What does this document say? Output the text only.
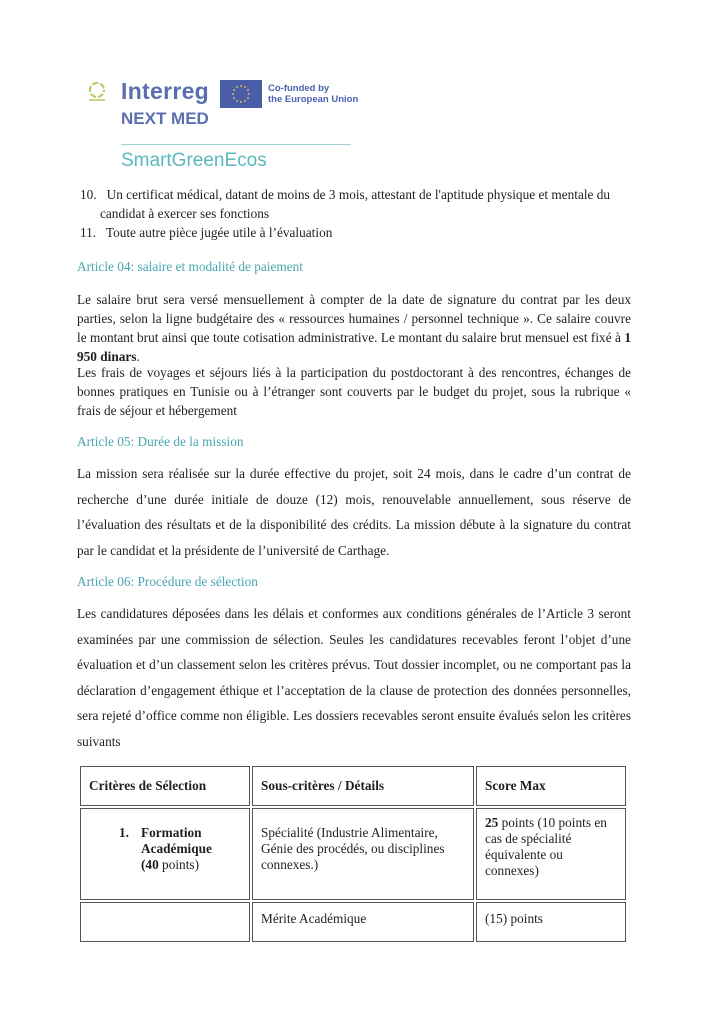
Interreg	Co-funded by
the European Union
NEXT MED
SmartGreenEcos
10. Un certificat médical, datant de moins de 3 mois, attestant de l'aptitude physique et mentale du
candidat à exercer ses fonctions
11. Toute autre pièce jugée utile à l’évaluation
Article 04: salaire et modalité de paiement
Le salaire brut sera versé mensuellement à compter de la date de signature du contrat par les deux parties, selon la ligne budgétaire des « ressources humaines / personnel technique ». Ce salaire couvre le montant brut ainsi que toute cotisation administrative. Le montant du salaire brut mensuel est fixé à 1 950 dinars.
Les frais de voyages et séjours liés à la participation du postdoctorant à des rencontres, échanges de bonnes pratiques en Tunisie ou à l’étranger sont couverts par le budget du projet, sous la rubrique « frais de séjour et hébergement
Article 05: Durée de la mission
La mission sera réalisée sur la durée effective du projet, soit 24 mois, dans le cadre d’un contrat de recherche d’une durée initiale de douze (12) mois, renouvelable annuellement, sous réserve de l’évaluation des résultats et de la disponibilité des crédits. La mission débute à la signature du contrat par le candidat et la présidente de l’université de Carthage.
Article 06: Procédure de sélection
Les candidatures déposées dans les délais et conformes aux conditions générales de l’Article 3 seront examinées par une commission de sélection. Seules les candidatures recevables feront l’objet d’une évaluation et d’un classement selon les critères prévus. Tout dossier incomplet, ou ne comportant pas la déclaration d’engagement éthique et l’acceptation de la clause de protection des données personnelles, sera rejeté d’office comme non éligible. Les dossiers recevables seront ensuite évalués selon les critères suivants
Critères de Sélection	Sous-critères / Détails	Score Max

1. Formation
Académique
(40 points)	Spécialité (Industrie Alimentaire, Génie des procédés, ou disciplines connexes.)	25 points (10 points en cas de spécialité équivalente ou connexes)
	Mérite Académique	(15) points
